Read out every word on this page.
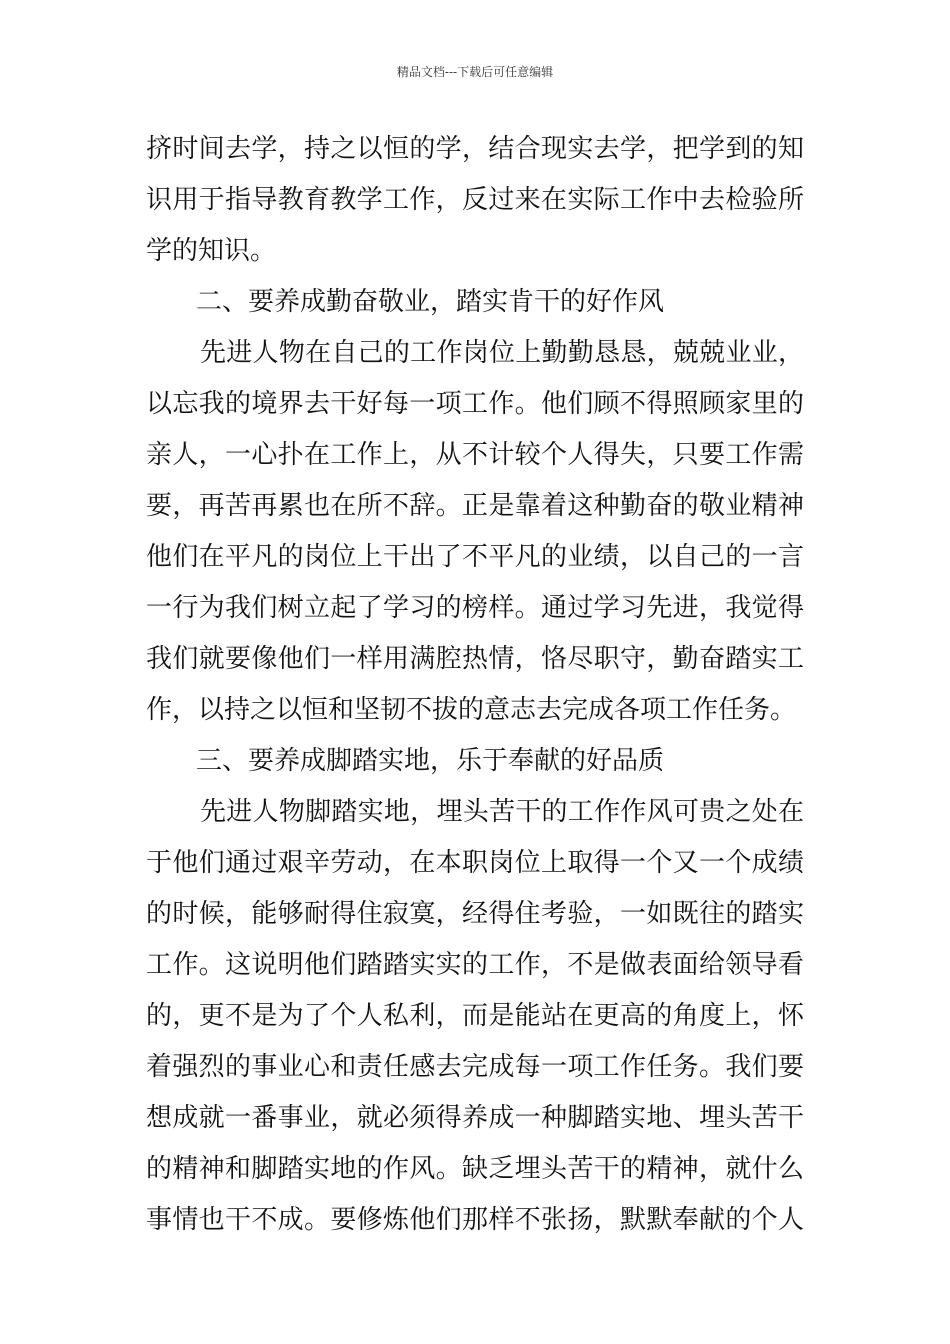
精品文档---下载后可任意编辑
挤时间去学，持之以恒的学，结合现实去学，把学到的知
识用于指导教育教学工作，反过来在实际工作中去检验所
学的知识。
二、要养成勤奋敬业，踏实肯干的好作风
先进人物在自己的工作岗位上勤勤恳恳，兢兢业业，
以忘我的境界去干好每一项工作。他们顾不得照顾家里的
亲人，一心扑在工作上，从不计较个人得失，只要工作需
要，再苦再累也在所不辞。正是靠着这种勤奋的敬业精神
他们在平凡的岗位上干出了不平凡的业绩，以自己的一言
一行为我们树立起了学习的榜样。通过学习先进，我觉得
我们就要像他们一样用满腔热情，恪尽职守，勤奋踏实工
作，以持之以恒和坚韧不拔的意志去完成各项工作任务。
三、要养成脚踏实地，乐于奉献的好品质
先进人物脚踏实地，埋头苦干的工作作风可贵之处在
于他们通过艰辛劳动，在本职岗位上取得一个又一个成绩
的时候，能够耐得住寂寞，经得住考验，一如既往的踏实
工作。这说明他们踏踏实实的工作，不是做表面给领导看
的，更不是为了个人私利，而是能站在更高的角度上，怀
着强烈的事业心和责任感去完成每一项工作任务。我们要
想成就一番事业，就必须得养成一种脚踏实地、埋头苦干
的精神和脚踏实地的作风。缺乏埋头苦干的精神，就什么
事情也干不成。要修炼他们那样不张扬，默默奉献的个人
